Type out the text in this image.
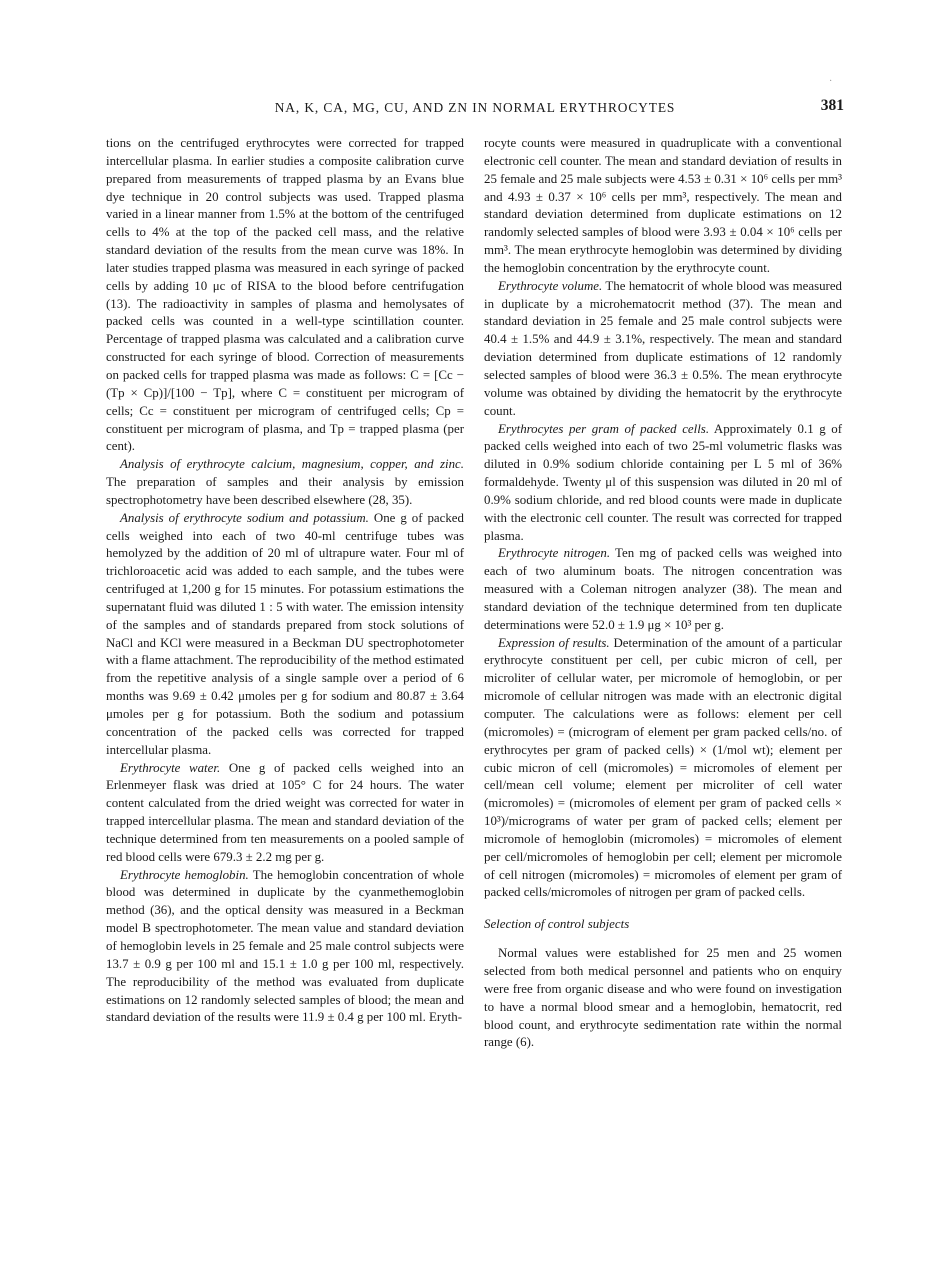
·
NA, K, CA, MG, CU, AND ZN IN NORMAL ERYTHROCYTES	381

tions on the centrifuged erythrocytes were corrected for trapped intercellular plasma. In earlier studies a composite calibration curve prepared from measurements of trapped plasma by an Evans blue dye technique in 20 control subjects was used. Trapped plasma varied in a linear manner from 1.5% at the bottom of the centrifuged cells to 4% at the top of the packed cell mass, and the relative standard deviation of the results from the mean curve was 18%. In later studies trapped plasma was measured in each syringe of packed cells by adding 10 μc of RISA to the blood before centrifugation (13). The radioactivity in samples of plasma and hemolysates of packed cells was counted in a well-type scintillation counter. Percentage of trapped plasma was calculated and a calibration curve constructed for each syringe of blood. Correction of measurements on packed cells for trapped plasma was made as follows: C = [Cc − (Tp × Cp)]/[100 − Tp], where C = constituent per microgram of cells; Cc = constituent per microgram of centrifuged cells; Cp = constituent per microgram of plasma, and Tp = trapped plasma (per cent).

Analysis of erythrocyte calcium, magnesium, copper, and zinc. The preparation of samples and their analysis by emission spectrophotometry have been described elsewhere (28, 35).

Analysis of erythrocyte sodium and potassium. One g of packed cells weighed into each of two 40-ml centrifuge tubes was hemolyzed by the addition of 20 ml of ultrapure water. Four ml of trichloroacetic acid was added to each sample, and the tubes were centrifuged at 1,200 g for 15 minutes. For potassium estimations the supernatant fluid was diluted 1 : 5 with water. The emission intensity of the samples and of standards prepared from stock solutions of NaCl and KCl were measured in a Beckman DU spectrophotometer with a flame attachment. The reproducibility of the method estimated from the repetitive analysis of a single sample over a period of 6 months was 9.69 ± 0.42 μmoles per g for sodium and 80.87 ± 3.64 μmoles per g for potassium. Both the sodium and potassium concentration of the packed cells was corrected for trapped intercellular plasma.

Erythrocyte water. One g of packed cells weighed into an Erlenmeyer flask was dried at 105° C for 24 hours. The water content calculated from the dried weight was corrected for water in trapped intercellular plasma. The mean and standard deviation of the technique determined from ten measurements on a pooled sample of red blood cells were 679.3 ± 2.2 mg per g.

Erythrocyte hemoglobin. The hemoglobin concentration of whole blood was determined in duplicate by the cyanmethemoglobin method (36), and the optical density was measured in a Beckman model B spectrophotometer. The mean value and standard deviation of hemoglobin levels in 25 female and 25 male control subjects were 13.7 ± 0.9 g per 100 ml and 15.1 ± 1.0 g per 100 ml, respectively. The reproducibility of the method was evaluated from duplicate estimations on 12 randomly selected samples of blood; the mean and standard deviation of the results were 11.9 ± 0.4 g per 100 ml. Eryth-

rocyte counts were measured in quadruplicate with a conventional electronic cell counter. The mean and standard deviation of results in 25 female and 25 male subjects were 4.53 ± 0.31 × 10⁶ cells per mm³ and 4.93 ± 0.37 × 10⁶ cells per mm³, respectively. The mean and standard deviation determined from duplicate estimations on 12 randomly selected samples of blood were 3.93 ± 0.04 × 10⁶ cells per mm³. The mean erythrocyte hemoglobin was determined by dividing the hemoglobin concentration by the erythrocyte count.

Erythrocyte volume. The hematocrit of whole blood was measured in duplicate by a microhematocrit method (37). The mean and standard deviation in 25 female and 25 male control subjects were 40.4 ± 1.5% and 44.9 ± 3.1%, respectively. The mean and standard deviation determined from duplicate estimations of 12 randomly selected samples of blood were 36.3 ± 0.5%. The mean erythrocyte volume was obtained by dividing the hematocrit by the erythrocyte count.

Erythrocytes per gram of packed cells. Approximately 0.1 g of packed cells weighed into each of two 25-ml volumetric flasks was diluted in 0.9% sodium chloride containing per L 5 ml of 36% formaldehyde. Twenty μl of this suspension was diluted in 20 ml of 0.9% sodium chloride, and red blood counts were made in duplicate with the electronic cell counter. The result was corrected for trapped plasma.

Erythrocyte nitrogen. Ten mg of packed cells was weighed into each of two aluminum boats. The nitrogen concentration was measured with a Coleman nitrogen analyzer (38). The mean and standard deviation of the technique determined from ten duplicate determinations were 52.0 ± 1.9 μg × 10³ per g.

Expression of results. Determination of the amount of a particular erythrocyte constituent per cell, per cubic micron of cell, per microliter of cellular water, per micromole of hemoglobin, or per micromole of cellular nitrogen was made with an electronic digital computer. The calculations were as follows: element per cell (micromoles) = (microgram of element per gram packed cells/no. of erythrocytes per gram of packed cells) × (1/mol wt); element per cubic micron of cell (micromoles) = micromoles of element per cell/mean cell volume; element per microliter of cell water (micromoles) = (micromoles of element per gram of packed cells × 10³)/micrograms of water per gram of packed cells; element per micromole of hemoglobin (micromoles) = micromoles of element per cell/micromoles of hemoglobin per cell; element per micromole of cell nitrogen (micromoles) = micromoles of element per gram of packed cells/micromoles of nitrogen per gram of packed cells.

Selection of control subjects

Normal values were established for 25 men and 25 women selected from both medical personnel and patients who on enquiry were free from organic disease and who were found on investigation to have a normal blood smear and a hemoglobin, hematocrit, red blood count, and erythrocyte sedimentation rate within the normal range (6).
